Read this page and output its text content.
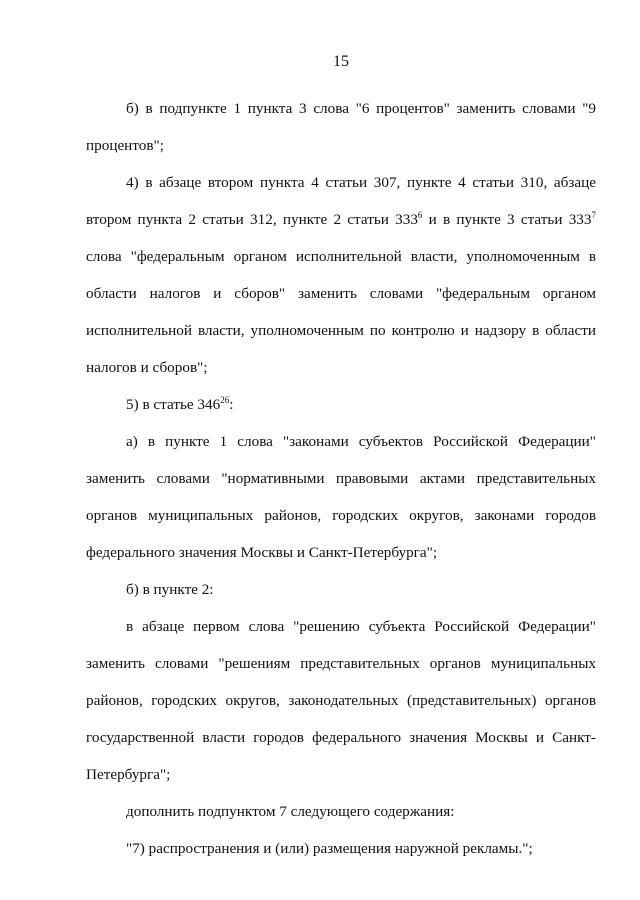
15

б) в подпункте 1 пункта 3 слова "6 процентов" заменить словами "9 процентов";

4) в абзаце втором пункта 4 статьи 307, пункте 4 статьи 310, абзаце втором пункта 2 статьи 312, пункте 2 статьи $333^6$ и в пункте 3 статьи $333^7$ слова "федеральным органом исполнительной власти, уполномоченным в области налогов и сборов" заменить словами "федеральным органом исполнительной власти, уполномоченным по контролю и надзору в области налогов и сборов";

5) в статье $346^{26}$:

а) в пункте 1 слова "законами субъектов Российской Федерации" заменить словами "нормативными правовыми актами представительных органов муниципальных районов, городских округов, законами городов федерального значения Москвы и Санкт-Петербурга";

б) в пункте 2:

в абзаце первом слова "решению субъекта Российской Федерации" заменить словами "решениям представительных органов муниципальных районов, городских округов, законодательных (представительных) органов государственной власти городов федерального значения Москвы и Санкт-Петербурга";

дополнить подпунктом 7 следующего содержания:

"7) распространения и (или) размещения наружной рекламы.";
